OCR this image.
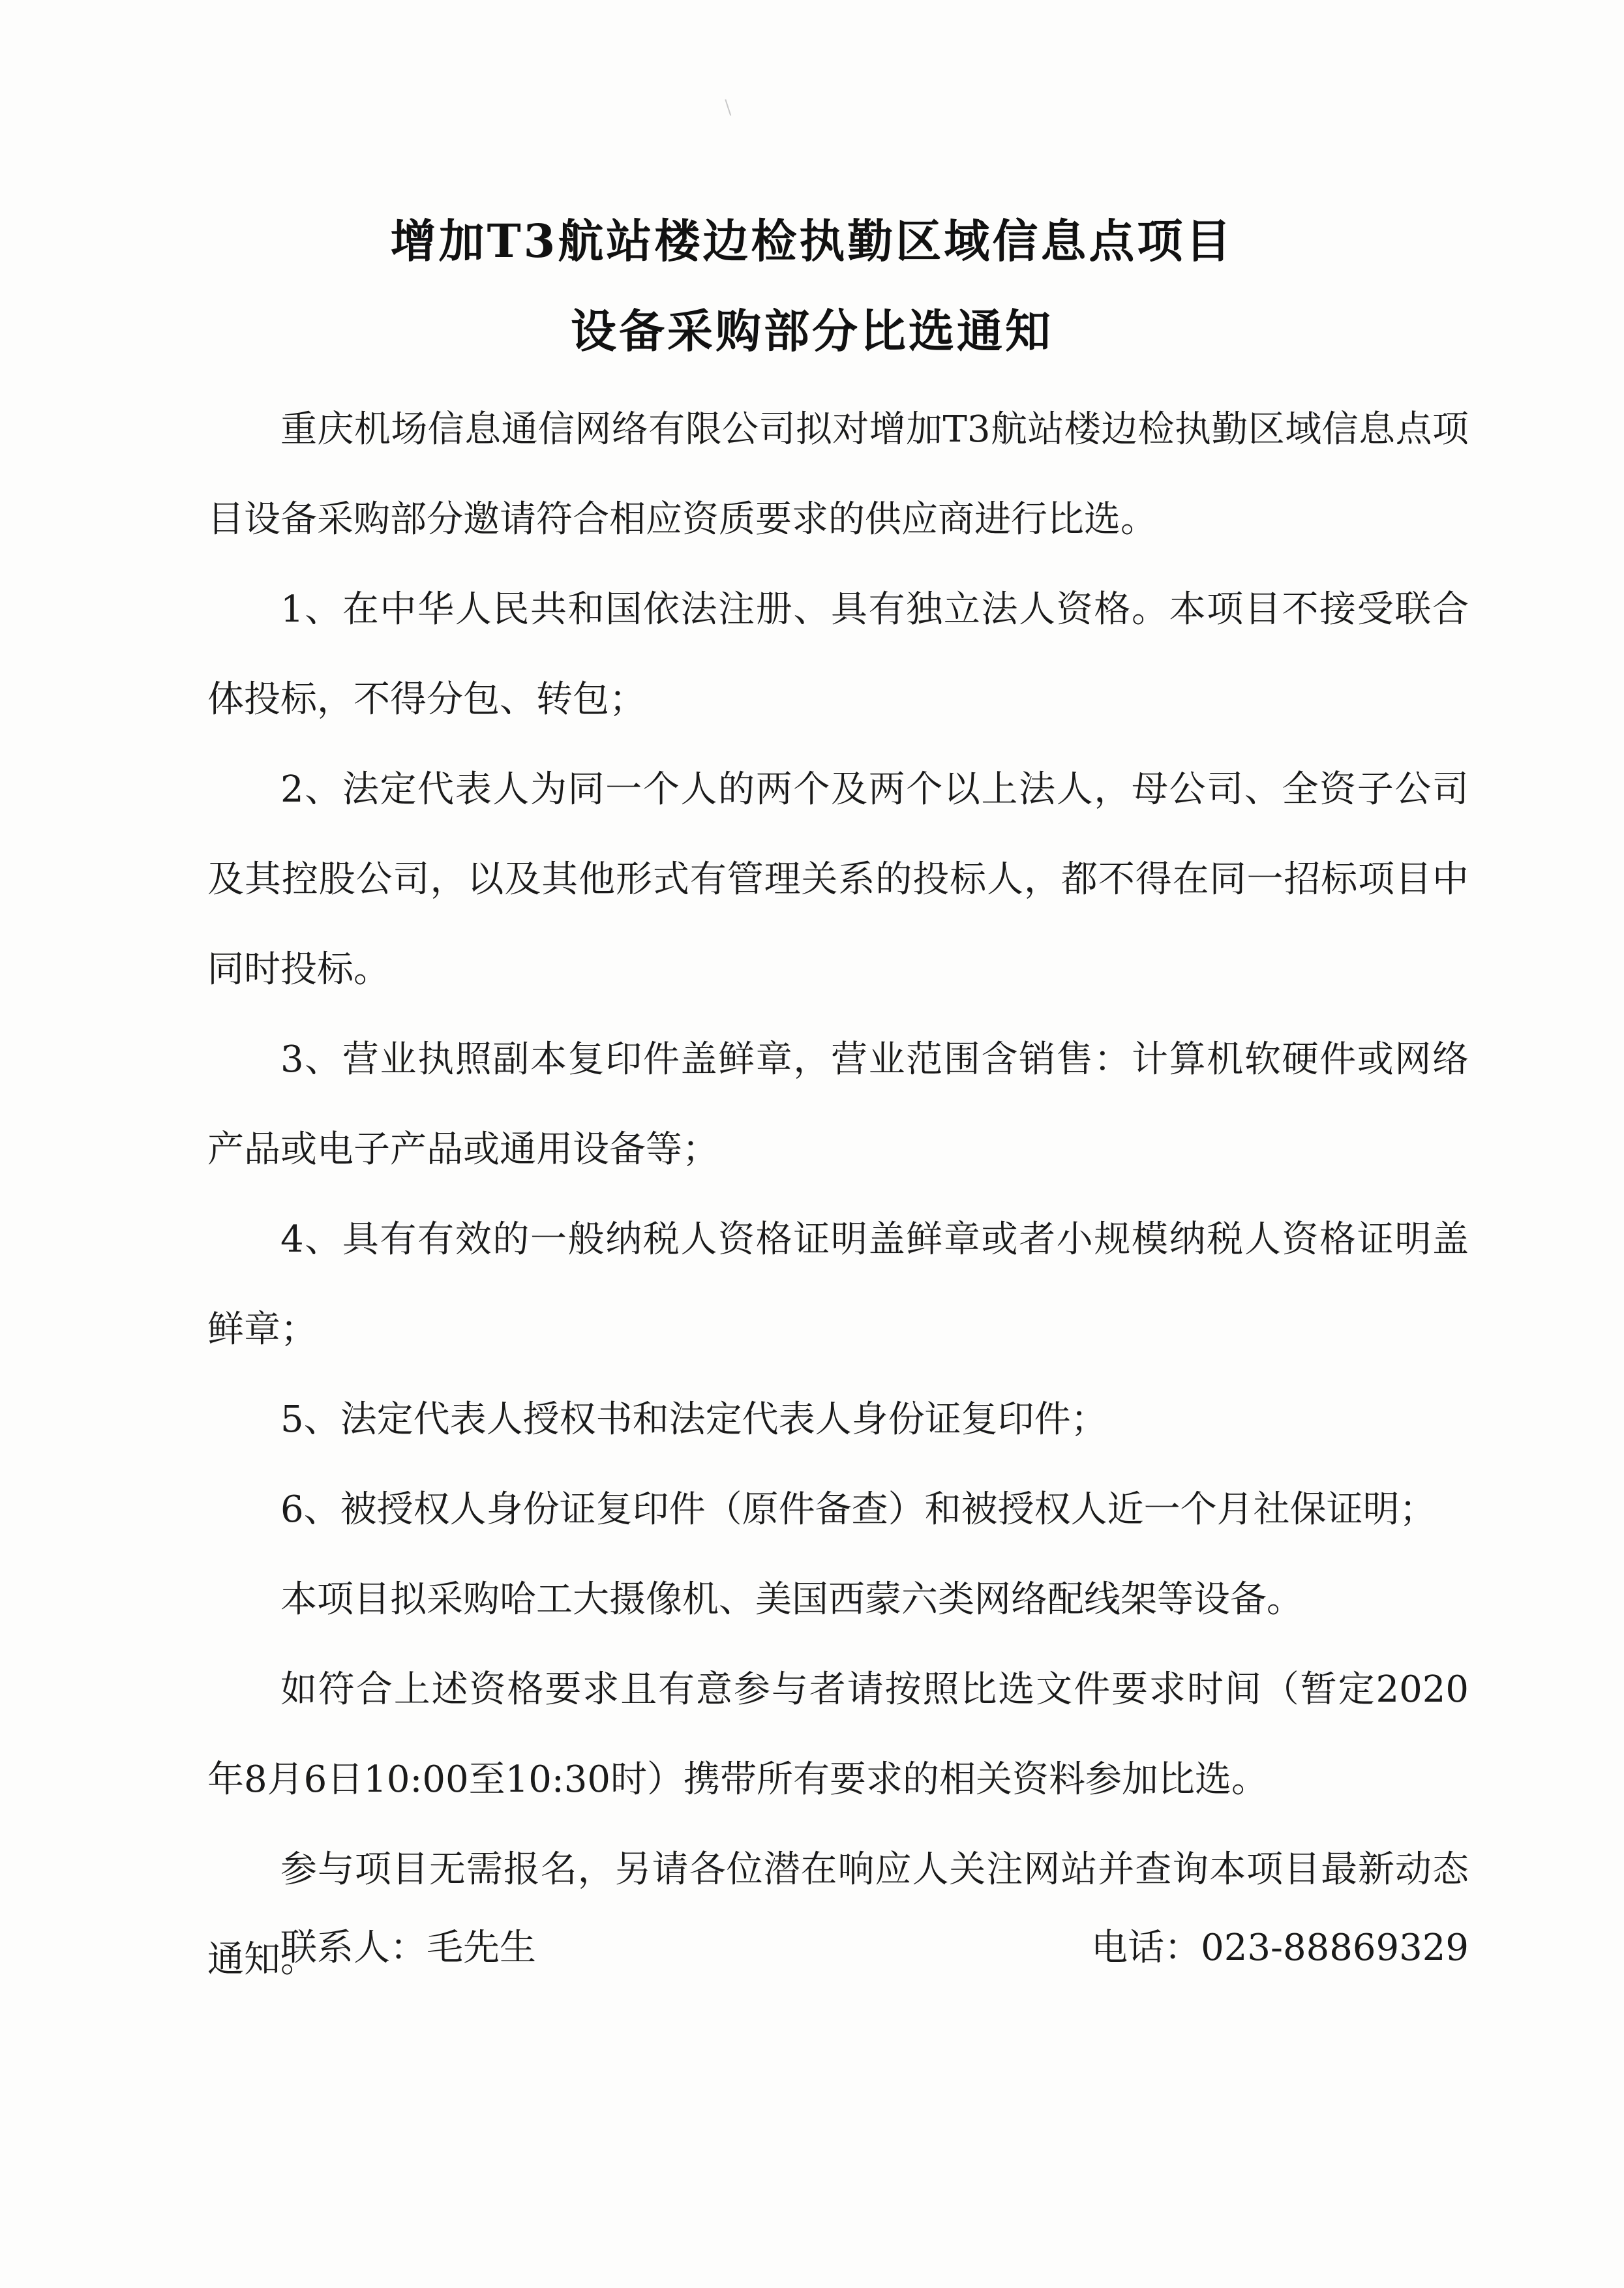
增加T3航站楼边检执勤区域信息点项目
设备采购部分比选通知

重庆机场信息通信网络有限公司拟对增加T3航站楼边检执勤区域信息点项目设备采购部分邀请符合相应资质要求的供应商进行比选。

1、在中华人民共和国依法注册、具有独立法人资格。本项目不接受联合体投标，不得分包、转包；

2、法定代表人为同一个人的两个及两个以上法人，母公司、全资子公司及其控股公司，以及其他形式有管理关系的投标人，都不得在同一招标项目中同时投标。

3、营业执照副本复印件盖鲜章，营业范围含销售：计算机软硬件或网络产品或电子产品或通用设备等；

4、具有有效的一般纳税人资格证明盖鲜章或者小规模纳税人资格证明盖鲜章；

5、法定代表人授权书和法定代表人身份证复印件；

6、被授权人身份证复印件（原件备查）和被授权人近一个月社保证明；

本项目拟采购哈工大摄像机、美国西蒙六类网络配线架等设备。

如符合上述资格要求且有意参与者请按照比选文件要求时间（暂定2020年8月6日10:00至10:30时）携带所有要求的相关资料参加比选。

参与项目无需报名，另请各位潜在响应人关注网站并查询本项目最新动态通知。

联系人：毛先生	电话：023-88869329
